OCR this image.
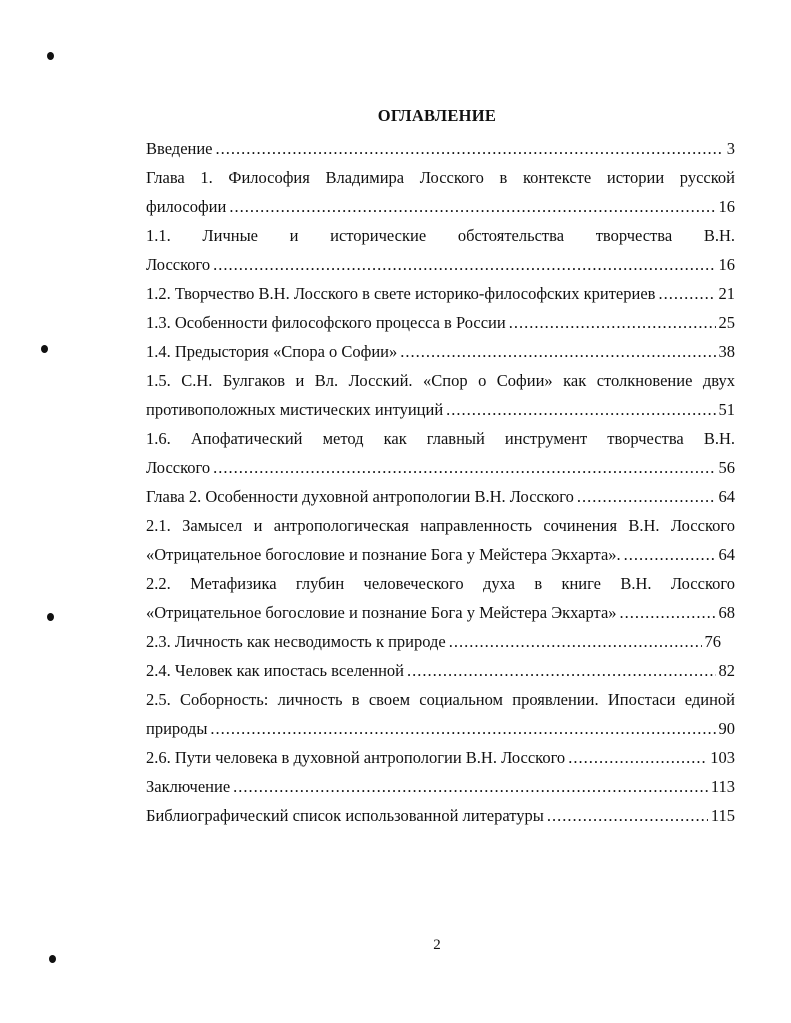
ОГЛАВЛЕНИЕ
Введение .....	3
Глава 1. Философия Владимира Лосского в контексте истории русской
философии .....	16
1.1. Личные и исторические обстоятельства творчества В.Н.
Лосского .....	16
1.2. Творчество В.Н. Лосского в свете историко-философских критериев .....	21
1.3. Особенности философского процесса в России .....	25
1.4. Предыстория «Спора о Софии» .....	38
1.5. С.Н. Булгаков и Вл. Лосский. «Спор о Софии» как столкновение двух
противоположных мистических интуиций .....	51
1.6. Апофатический метод как главный инструмент творчества В.Н.
Лосского .....	56
Глава 2. Особенности духовной антропологии В.Н. Лосского .....	64
2.1. Замысел и антропологическая направленность сочинения В.Н. Лосского
«Отрицательное богословие и познание Бога у Мейстера Экхарта». .....	64
2.2. Метафизика глубин человеческого духа в книге В.Н. Лосского
«Отрицательное богословие и познание Бога у Мейстера Экхарта» .....	68
2.3. Личность как несводимость к природе .....	76
2.4. Человек как ипостась вселенной .....	82
2.5. Соборность: личность в своем социальном проявлении. Ипостаси единой
природы .....	90
2.6. Пути человека в духовной антропологии В.Н. Лосского .....	103
Заключение .....	113
Библиографический список использованной литературы .....	115
2
